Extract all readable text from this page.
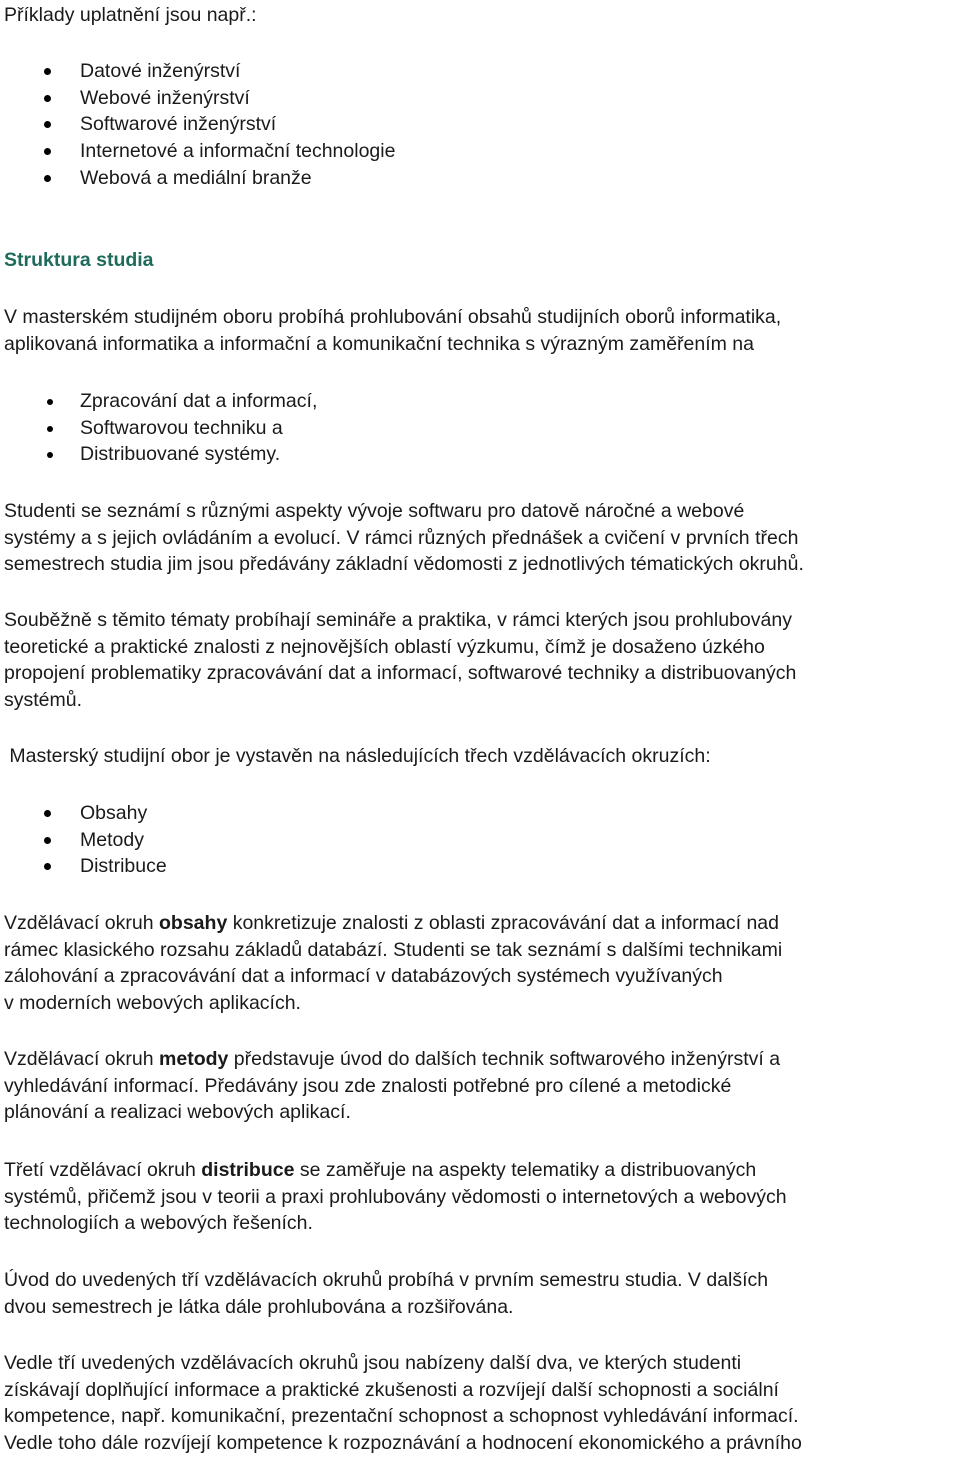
Příklady uplatnění jsou např.:

Datové inženýrství
Webové inženýrství
Softwarové inženýrství
Internetové a informační technologie
Webová a mediální branže

Struktura studia

V masterském studijném oboru probíhá prohlubování obsahů studijních oborů informatika,
aplikovaná informatika a informační a komunikační technika s výrazným zaměřením na

Zpracování dat a informací,
Softwarovou techniku a
Distribuované systémy.

Studenti se seznámí s různými aspekty vývoje softwaru pro datově náročné a webové
systémy a s jejich ovládáním a evolucí. V rámci různých přednášek a cvičení v prvních třech
semestrech studia jim jsou předávány základní vědomosti z jednotlivých tématických okruhů.

Souběžně s těmito tématy probíhají semináře a praktika, v rámci kterých jsou prohlubovány
teoretické a praktické znalosti z nejnovějších oblastí výzkumu, čímž je dosaženo úzkého
propojení problematiky zpracovávání dat a informací, softwarové techniky a distribuovaných
systémů.

Masterský studijní obor je vystavěn na následujících třech vzdělávacích okruzích:

Obsahy
Metody
Distribuce

Vzdělávací okruh obsahy konkretizuje znalosti z oblasti zpracovávání dat a informací nad
rámec klasického rozsahu základů databází. Studenti se tak seznámí s dalšími technikami
zálohování a zpracovávání dat a informací v databázových systémech využívaných
v moderních webových aplikacích.

Vzdělávací okruh metody představuje úvod do dalších technik softwarového inženýrství a
vyhledávání informací. Předávány jsou zde znalosti potřebné pro cílené a metodické
plánování a realizaci webových aplikací.

Třetí vzdělávací okruh distribuce se zaměřuje na aspekty telematiky a distribuovaných
systémů, přičemž jsou v teorii a praxi prohlubovány vědomosti o internetových a webových
technologiích a webových řešeních.

Úvod do uvedených tří vzdělávacích okruhů probíhá v prvním semestru studia. V dalších
dvou semestrech je látka dále prohlubována a rozšiřována.

Vedle tří uvedených vzdělávacích okruhů jsou nabízeny další dva, ve kterých studenti
získávají doplňující informace a praktické zkušenosti a rozvíjejí další schopnosti a sociální
kompetence, např. komunikační, prezentační schopnost a schopnost vyhledávání informací.
Vedle toho dále rozvíjejí kompetence k rozpoznávání a hodnocení ekonomického a právního
